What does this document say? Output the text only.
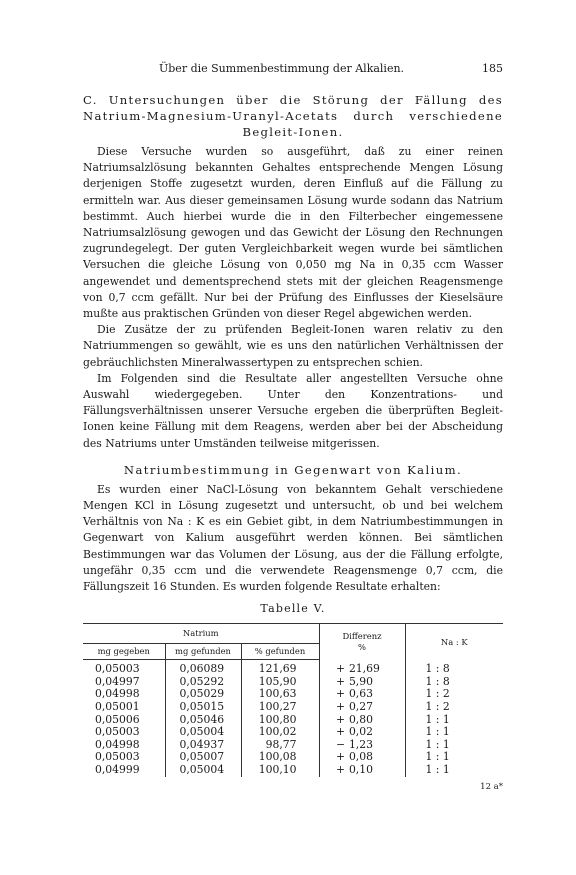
Über die Summenbestimmung der Alkalien.	185
C. Untersuchungen über die Störung der Fällung des Natrium-Magnesium-Uranyl-Acetats durch verschiedene Begleit-Ionen.

Diese Versuche wurden so ausgeführt, daß zu einer reinen Natriumsalzlösung bekannten Gehaltes entsprechende Mengen Lösung derjenigen Stoffe zugesetzt wurden, deren Einfluß auf die Fällung zu ermitteln war. Aus dieser gemeinsamen Lösung wurde sodann das Natrium bestimmt. Auch hierbei wurde die in den Filterbecher eingemessene Natriumsalzlösung gewogen und das Gewicht der Lösung den Rechnungen zugrundegelegt. Der guten Vergleichbarkeit wegen wurde bei sämtlichen Versuchen die gleiche Lösung von 0,050 mg Na in 0,35 ccm Wasser angewendet und dementsprechend stets mit der gleichen Reagensmenge von 0,7 ccm gefällt. Nur bei der Prüfung des Einflusses der Kieselsäure mußte aus praktischen Gründen von dieser Regel abgewichen werden.

Die Zusätze der zu prüfenden Begleit-Ionen waren relativ zu den Natriummengen so gewählt, wie es uns den natürlichen Verhältnissen der gebräuchlichsten Mineralwassertypen zu entsprechen schien.

Im Folgenden sind die Resultate aller angestellten Versuche ohne Auswahl wiedergegeben. Unter den Konzentrations- und Fällungsverhältnissen unserer Versuche ergeben die überprüften Begleit-Ionen keine Fällung mit dem Reagens, werden aber bei der Abscheidung des Natriums unter Umständen teilweise mitgerissen.

Natriumbestimmung in Gegenwart von Kalium.

Es wurden einer NaCl-Lösung von bekanntem Gehalt verschiedene Mengen KCl in Lösung zugesetzt und untersucht, ob und bei welchem Verhältnis von Na : K es ein Gebiet gibt, in dem Natriumbestimmungen in Gegenwart von Kalium ausgeführt werden können. Bei sämtlichen Bestimmungen war das Volumen der Lösung, aus der die Fällung erfolgte, ungefähr 0,35 ccm und die verwendete Reagensmenge 0,7 ccm, die Fällungszeit 16 Stunden. Es wurden folgende Resultate erhalten:

Tabelle V.
Natrium			Differenz
%	Na : K
mg gegeben	mg gefunden	% gefunden		
0,05003	0,06089	121,69	+ 21,69	1 : 8
0,04997	0,05292	105,90	+ 5,90	1 : 8
0,04998	0,05029	100,63	+ 0,63	1 : 2
0,05001	0,05015	100,27	+ 0,27	1 : 2
0,05006	0,05046	100,80	+ 0,80	1 : 1
0,05003	0,05004	100,02	+ 0,02	1 : 1
0,04998	0,04937	98,77	− 1,23	1 : 1
0,05003	0,05007	100,08	+ 0,08	1 : 1
0,04999	0,05004	100,10	+ 0,10	1 : 1
12 a*
